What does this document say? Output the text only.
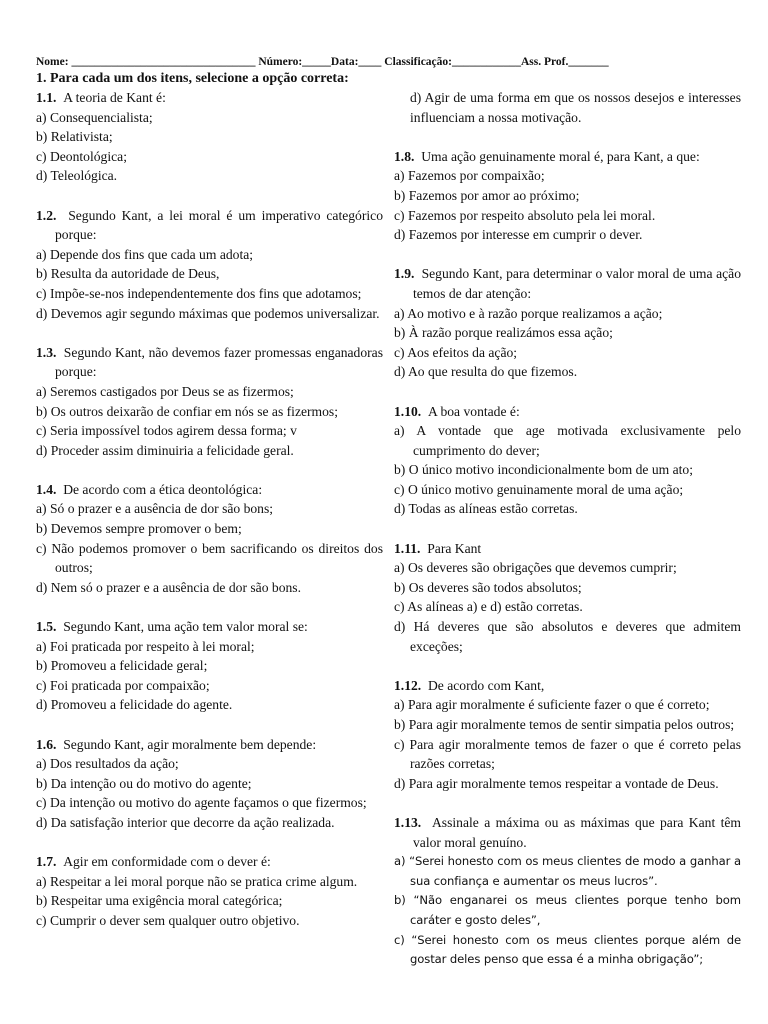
Nome: ________________________________ Número:_____Data:____ Classificação:____________Ass. Prof._______
1. Para cada um dos itens, selecione a opção correta:
1.1. A teoria de Kant é:
a) Consequencialista;
b) Relativista;
c) Deontológica;
d) Teleológica.
1.2. Segundo Kant, a lei moral é um imperativo categórico porque:
a) Depende dos fins que cada um adota;
b) Resulta da autoridade de Deus,
c) Impõe-se-nos independentemente dos fins que adotamos;
d) Devemos agir segundo máximas que podemos universalizar.
1.3. Segundo Kant, não devemos fazer promessas enganadoras porque:
a) Seremos castigados por Deus se as fizermos;
b) Os outros deixarão de confiar em nós se as fizermos;
c) Seria impossível todos agirem dessa forma; v
d) Proceder assim diminuiria a felicidade geral.
1.4. De acordo com a ética deontológica:
a) Só o prazer e a ausência de dor são bons;
b) Devemos sempre promover o bem;
c) Não podemos promover o bem sacrificando os direitos dos outros;
d) Nem só o prazer e a ausência de dor são bons.
1.5. Segundo Kant, uma ação tem valor moral se:
a) Foi praticada por respeito à lei moral;
b) Promoveu a felicidade geral;
c) Foi praticada por compaixão;
d) Promoveu a felicidade do agente.
1.6. Segundo Kant, agir moralmente bem depende:
a) Dos resultados da ação;
b) Da intenção ou do motivo do agente;
c) Da intenção ou motivo do agente façamos o que fizermos;
d) Da satisfação interior que decorre da ação realizada.
1.7. Agir em conformidade com o dever é:
a) Respeitar a lei moral porque não se pratica crime algum.
b) Respeitar uma exigência moral categórica;
c) Cumprir o dever sem qualquer outro objetivo.
d) Agir de uma forma em que os nossos desejos e interesses influenciam a nossa motivação.
1.8. Uma ação genuinamente moral é, para Kant, a que:
a) Fazemos por compaixão;
b) Fazemos por amor ao próximo;
c) Fazemos por respeito absoluto pela lei moral.
d) Fazemos por interesse em cumprir o dever.
1.9. Segundo Kant, para determinar o valor moral de uma ação temos de dar atenção:
a) Ao motivo e à razão porque realizamos a ação;
b) À razão porque realizámos essa ação;
c) Aos efeitos da ação;
d) Ao que resulta do que fizemos.
1.10. A boa vontade é:
a) A vontade que age motivada exclusivamente pelo cumprimento do dever;
b) O único motivo incondicionalmente bom de um ato;
c) O único motivo genuinamente moral de uma ação;
d) Todas as alíneas estão corretas.
1.11. Para Kant
a) Os deveres são obrigações que devemos cumprir;
b) Os deveres são todos absolutos;
c) As alíneas a) e d) estão corretas.
d) Há deveres que são absolutos e deveres que admitem exceções;
1.12. De acordo com Kant,
a) Para agir moralmente é suficiente fazer o que é correto;
b) Para agir moralmente temos de sentir simpatia pelos outros;
c) Para agir moralmente temos de fazer o que é correto pelas razões corretas;
d) Para agir moralmente temos respeitar a vontade de Deus.
1.13. Assinale a máxima ou as máximas que para Kant têm valor moral genuíno.
a) “Serei honesto com os meus clientes de modo a ganhar a sua confiança e aumentar os meus lucros”.
b) “Não enganarei os meus clientes porque tenho bom caráter e gosto deles”,
c) “Serei honesto com os meus clientes porque além de gostar deles penso que essa é a minha obrigação”;
